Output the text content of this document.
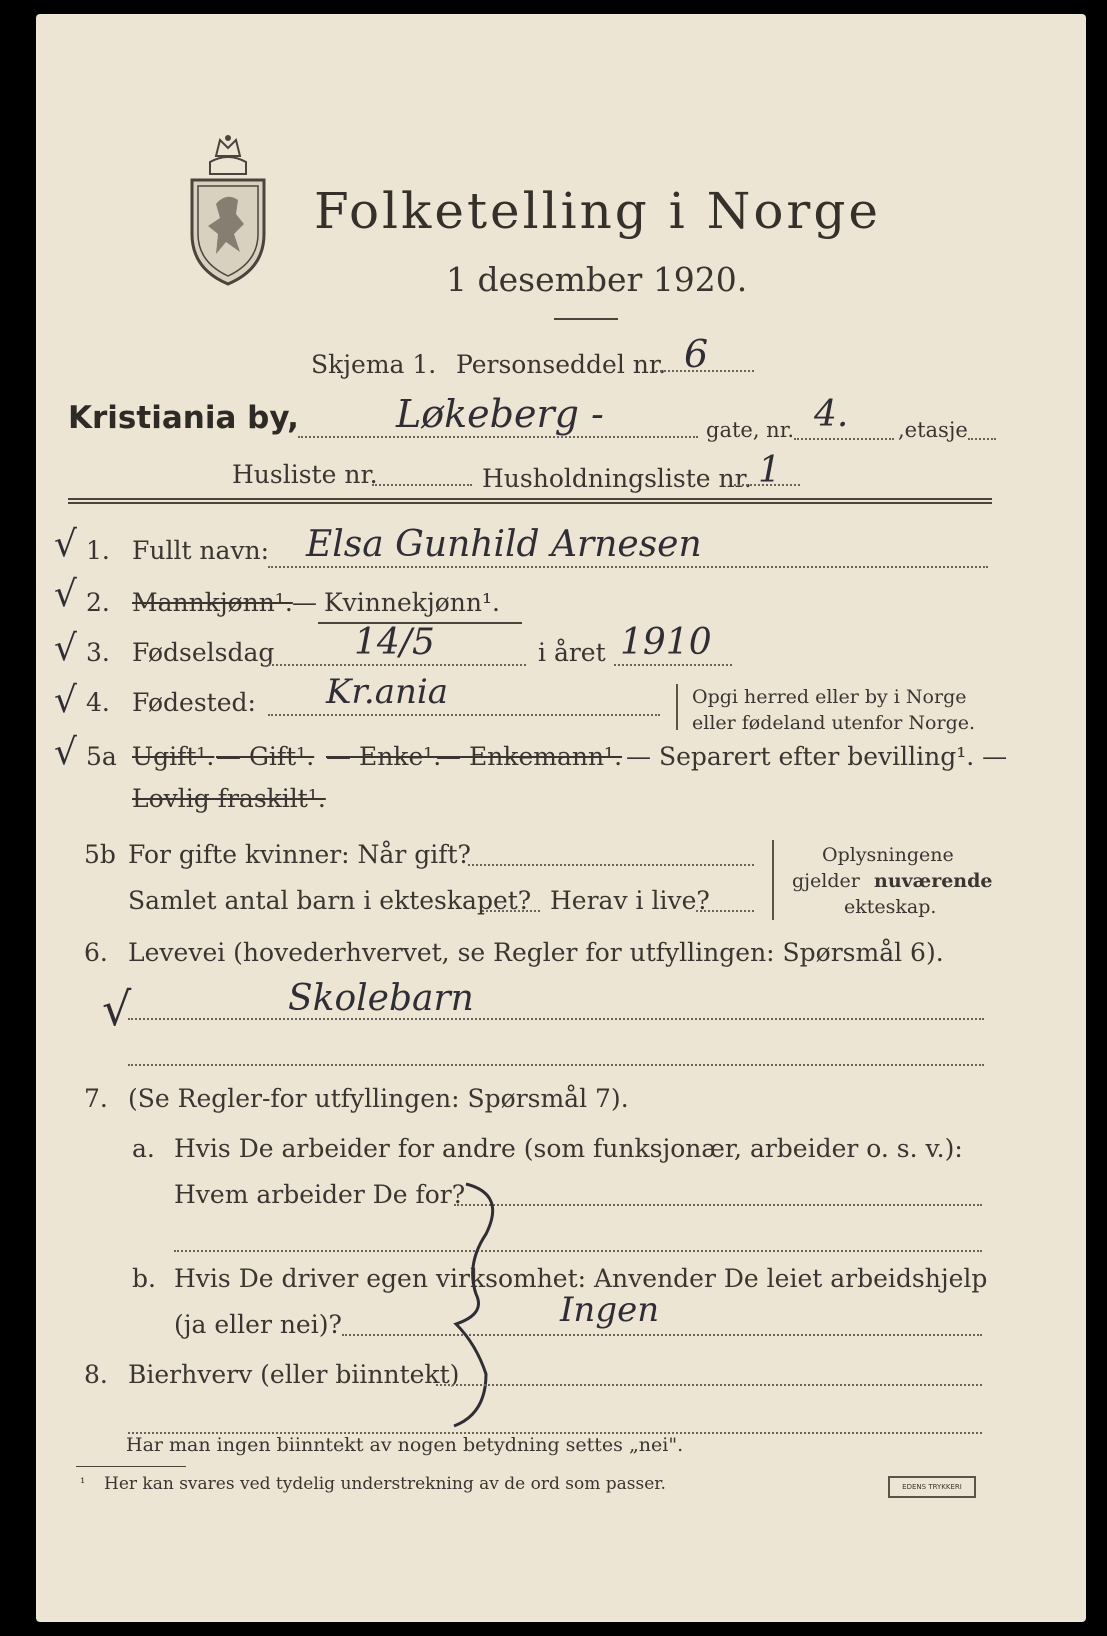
Folketelling i Norge
1 desember 1920.
Skjema 1. Personseddel nr. 6
Kristiania by,	Løkeberg -	gate, nr. 4. ,etasje
Husliste nr.	Husholdningsliste nr. 1
√ 1. Fullt navn: Elsa Gunhild Arnesen
√ 2. Mannkjønn¹. — Kvinnekjønn¹.
√ 3. Fødselsdag 14/5	i året 1910
√ 4. Fødested: Kr.ania	Opgi herred eller by i Norge
eller fødeland utenfor Norge.
√ 5a Ugift¹. — Gift¹. — Enke¹.
— Enkemann¹. — Separert efter bevilling¹. —
Lovlig fraskilt¹.
5b For gifte kvinner: Når gift?
Samlet antal barn i ekteskapet? Herav i live?
Oplysningene
gjelder nuværende
ekteskap.
6. Levevei (hovederhvervet, se Regler for utfyllingen: Spørsmål 6).
√	Skolebarn
7. (Se Regler-for utfyllingen: Spørsmål 7).
a. Hvis De arbeider for andre (som funksjonær, arbeider o. s. v.):
Hvem arbeider De for?
b. Hvis De driver egen virksomhet: Anvender De leiet arbeidshjelp
(ja eller nei)?	Ingen
8. Bierhverv (eller biinntekt)
Har man ingen biinntekt av nogen betydning settes „nei".
¹ Her kan svares ved tydelig understrekning av de ord som passer.	EDENS TRYKKERI
